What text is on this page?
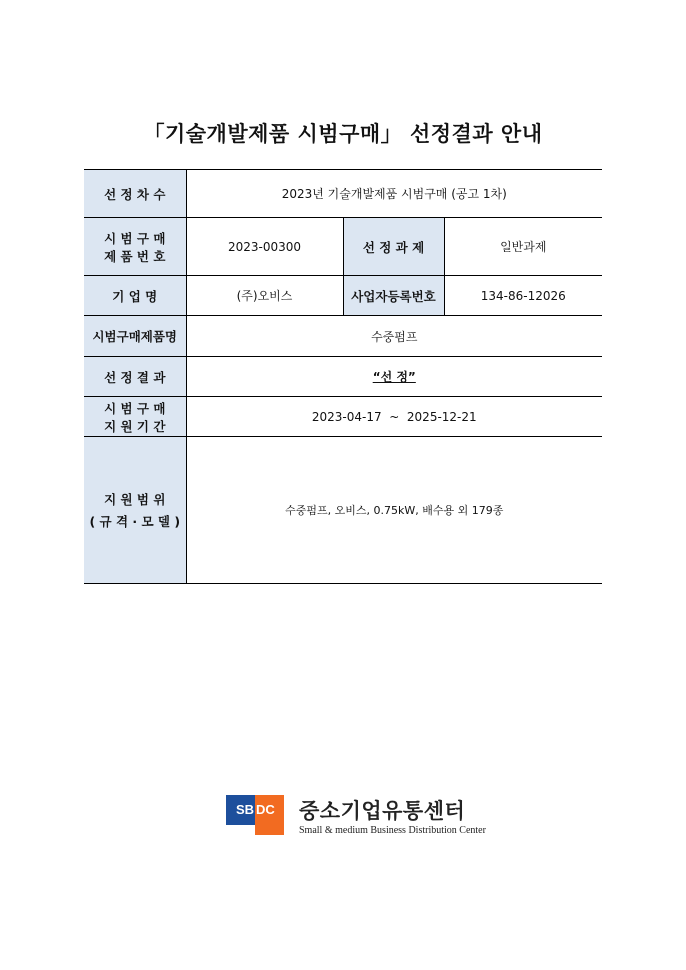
「기술개발제품 시범구매」 선정결과 안내
선 정 차 수	2023년 기술개발제품 시범구매 (공고 1차)		

시 범 구 매
제 품 번 호	2023-00300	선 정 과 제	일반과제
기 업 명	(주)오비스	사업자등록번호	134-86-12026
시범구매제품명	수중펌프		
선 정 결 과	“선 정”		

시 범 구 매
지 원 기 간	2023-04-17  ~  2025-12-21		

지 원 범 위
( 규 격 · 모 델 )	수중펌프, 오비스, 0.75kW, 배수용 외 179종		
SB DC	중소기업유통센터
Small & medium Business Distribution Center
